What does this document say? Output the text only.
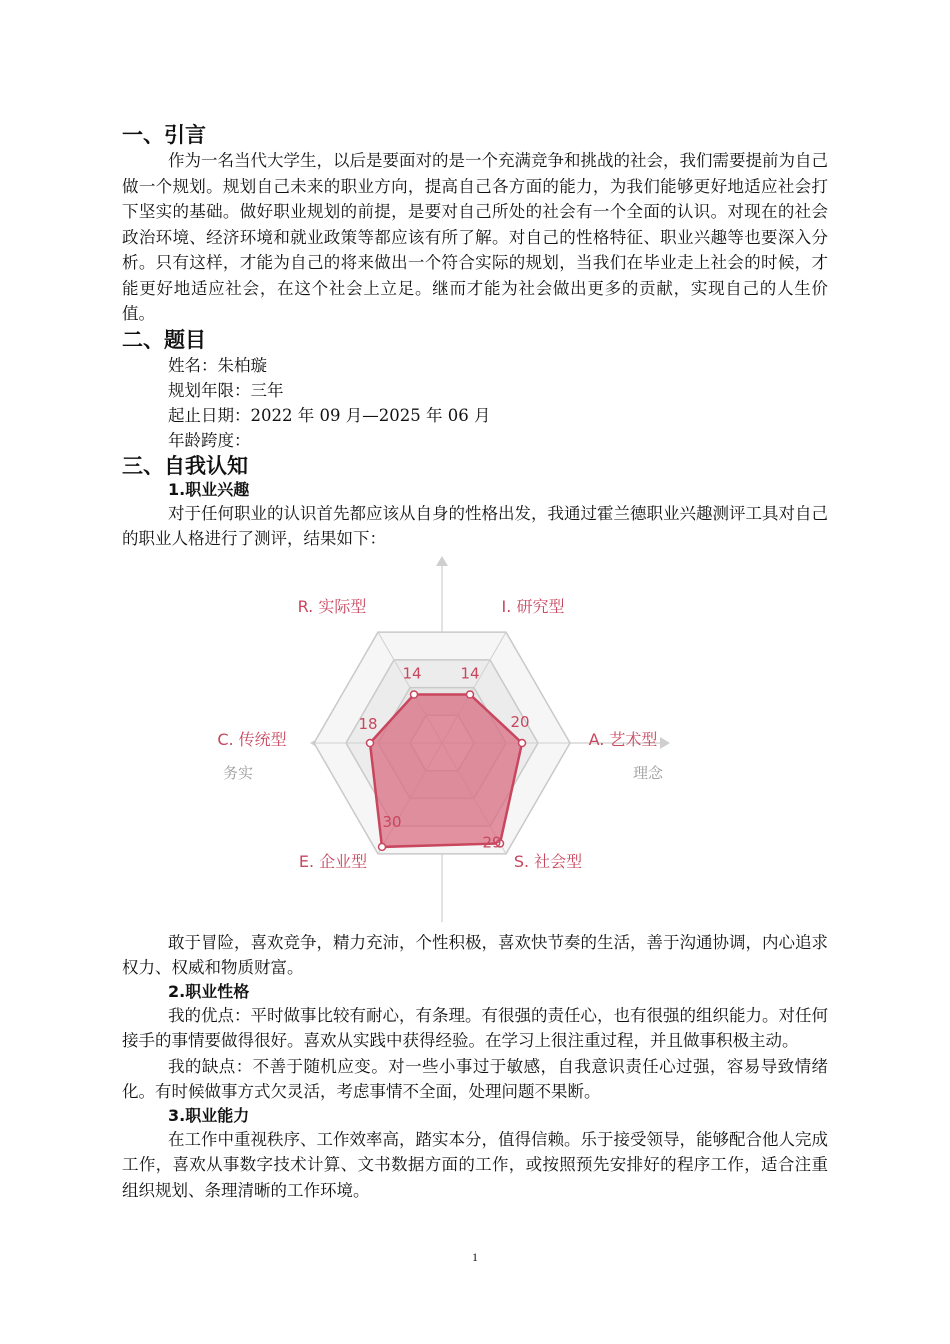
一、引言

作为一名当代大学生，以后是要面对的是一个充满竞争和挑战的社会，我们需要提前为自己做一个规划。规划自己未来的职业方向，提高自己各方面的能力，为我们能够更好地适应社会打下坚实的基础。做好职业规划的前提，是要对自己所处的社会有一个全面的认识。对现在的社会政治环境、经济环境和就业政策等都应该有所了解。对自己的性格特征、职业兴趣等也要深入分析。只有这样，才能为自己的将来做出一个符合实际的规划，当我们在毕业走上社会的时候，才能更好地适应社会，在这个社会上立足。继而才能为社会做出更多的贡献，实现自己的人生价值。

二、题目
姓名：朱柏璇
规划年限：三年
起止日期：2022 年 09 月—2025 年 06 月
年龄跨度：
三、自我认知
1.职业兴趣

对于任何职业的认识首先都应该从自身的性格出发，我通过霍兰德职业兴趣测评工具对自己的职业人格进行了测评，结果如下：

14
20
29
30
18
14
I. 研究型
A. 艺术型
S. 社会型
E. 企业型
C. 传统型
R. 实际型
务实	理念

敢于冒险，喜欢竞争，精力充沛，个性积极，喜欢快节奏的生活，善于沟通协调，内心追求权力、权威和物质财富。

2.职业性格

我的优点：平时做事比较有耐心，有条理。有很强的责任心，也有很强的组织能力。对任何接手的事情要做得很好。喜欢从实践中获得经验。在学习上很注重过程，并且做事积极主动。

我的缺点：不善于随机应变。对一些小事过于敏感，自我意识责任心过强，容易导致情绪化。有时候做事方式欠灵活，考虑事情不全面，处理问题不果断。

3.职业能力

在工作中重视秩序、工作效率高，踏实本分，值得信赖。乐于接受领导，能够配合他人完成工作，喜欢从事数字技术计算、文书数据方面的工作，或按照预先安排好的程序工作，适合注重组织规划、条理清晰的工作环境。

1
